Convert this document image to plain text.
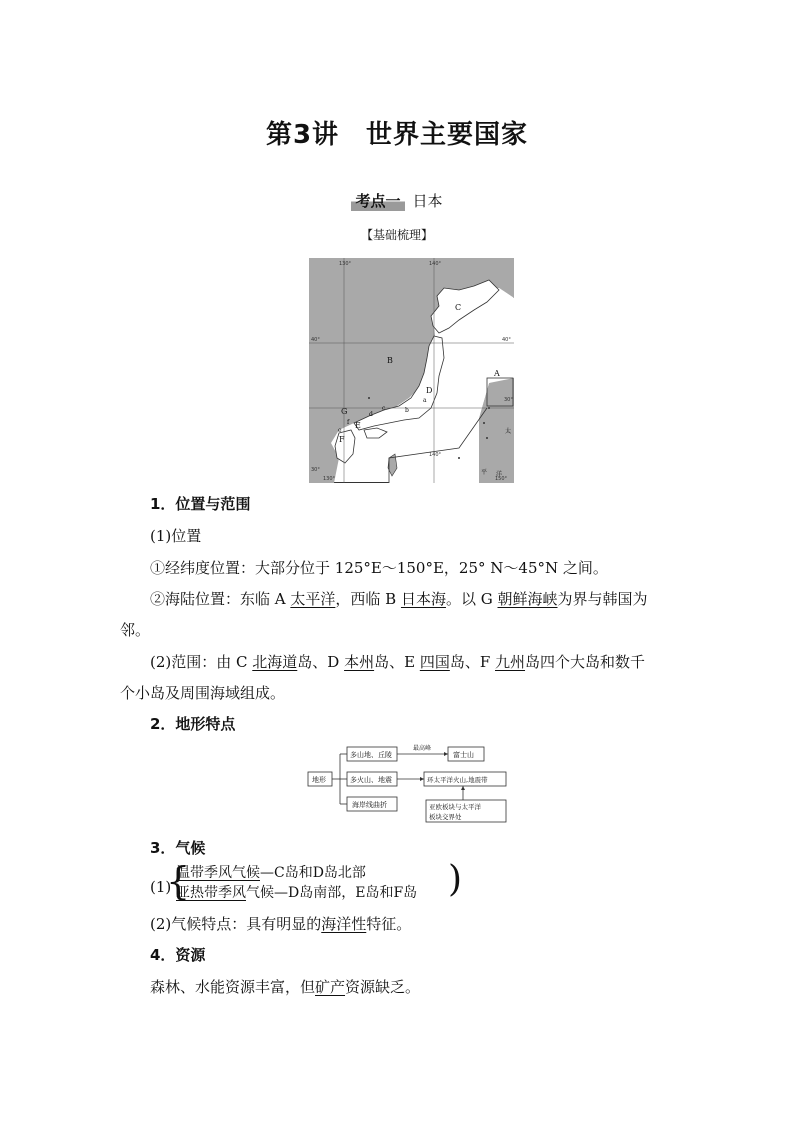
第3讲　世界主要国家
考点一 日本
【基础梳理】
130°	140°
40°	40°
30°
30°
130°
140°
150°
C
B
D
A
G
E
F
a
b
c
d
e
f
太
平 洋
1．位置与范围
(1)位置
①经纬度位置：大部分位于 125°E～150°E，25° N～45°N 之间。
②海陆位置：东临 A 太平洋，西临 B 日本海。以 G 朝鲜海峡为界与韩国为
邻。
(2)范围：由 C 北海道岛、D 本州岛、E 四国岛、F 九州岛四个大岛和数千
个小岛及周围海域组成。
2．地形特点
地形
多山地、丘陵
最高峰
富士山
多火山、地震	环太平洋火山,地震带
亚欧板块与太平洋
板块交界处
海岸线曲折
3．气候
(1)
{
温带季风气候—C岛和D岛北部
亚热带季风气候—D岛南部，E岛和F岛 )
(2)气候特点：具有明显的海洋性特征。
4．资源
森林、水能资源丰富，但矿产资源缺乏。
